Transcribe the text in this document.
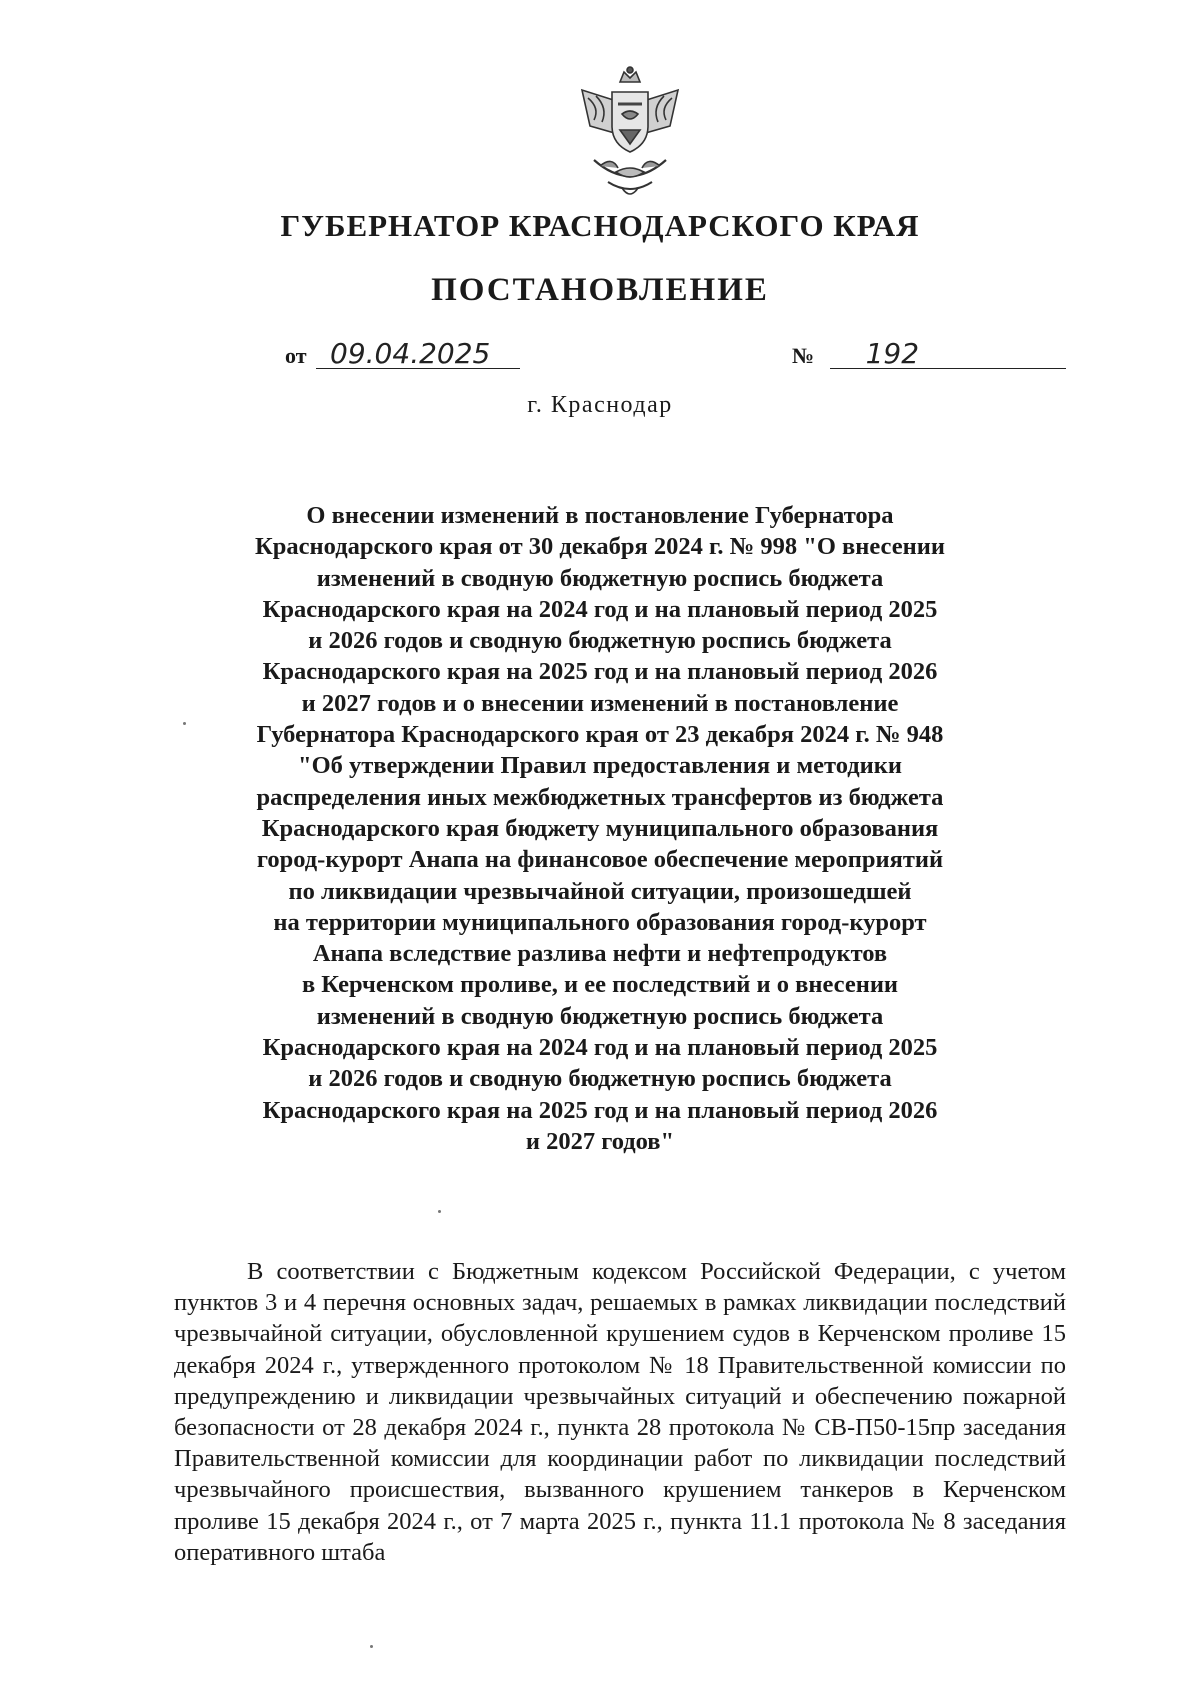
ГУБЕРНАТОР КРАСНОДАРСКОГО КРАЯ
ПОСТАНОВЛЕНИЕ
от 09.04.2025	№ 192
г. Краснодар
О внесении изменений в постановление Губернатора
Краснодарского края от 30 декабря 2024 г. № 998 "О внесении
изменений в сводную бюджетную роспись бюджета
Краснодарского края на 2024 год и на плановый период 2025
и 2026 годов и сводную бюджетную роспись бюджета
Краснодарского края на 2025 год и на плановый период 2026
и 2027 годов и о внесении изменений в постановление
Губернатора Краснодарского края от 23 декабря 2024 г. № 948
"Об утверждении Правил предоставления и методики
распределения иных межбюджетных трансфертов из бюджета
Краснодарского края бюджету муниципального образования
город-курорт Анапа на финансовое обеспечение мероприятий
по ликвидации чрезвычайной ситуации, произошедшей
на территории муниципального образования город-курорт
Анапа вследствие разлива нефти и нефтепродуктов
в Керченском проливе, и ее последствий и о внесении
изменений в сводную бюджетную роспись бюджета
Краснодарского края на 2024 год и на плановый период 2025
и 2026 годов и сводную бюджетную роспись бюджета
Краснодарского края на 2025 год и на плановый период 2026
и 2027 годов"

В соответствии с Бюджетным кодексом Российской Федерации, с учетом пунктов 3 и 4 перечня основных задач, решаемых в рамках ликвидации последствий чрезвычайной ситуации, обусловленной крушением судов в Керченском проливе 15 декабря 2024 г., утвержденного протоколом № 18 Правительственной комиссии по предупреждению и ликвидации чрезвычайных ситуаций и обеспечению пожарной безопасности от 28 декабря 2024 г., пункта 28 протокола № СВ-П50-15пр заседания Правительственной комиссии для координации работ по ликвидации последствий чрезвычайного происшествия, вызванного крушением танкеров в Керченском проливе 15 декабря 2024 г., от 7 марта 2025 г., пункта 11.1 протокола № 8 заседания оперативного штаба
